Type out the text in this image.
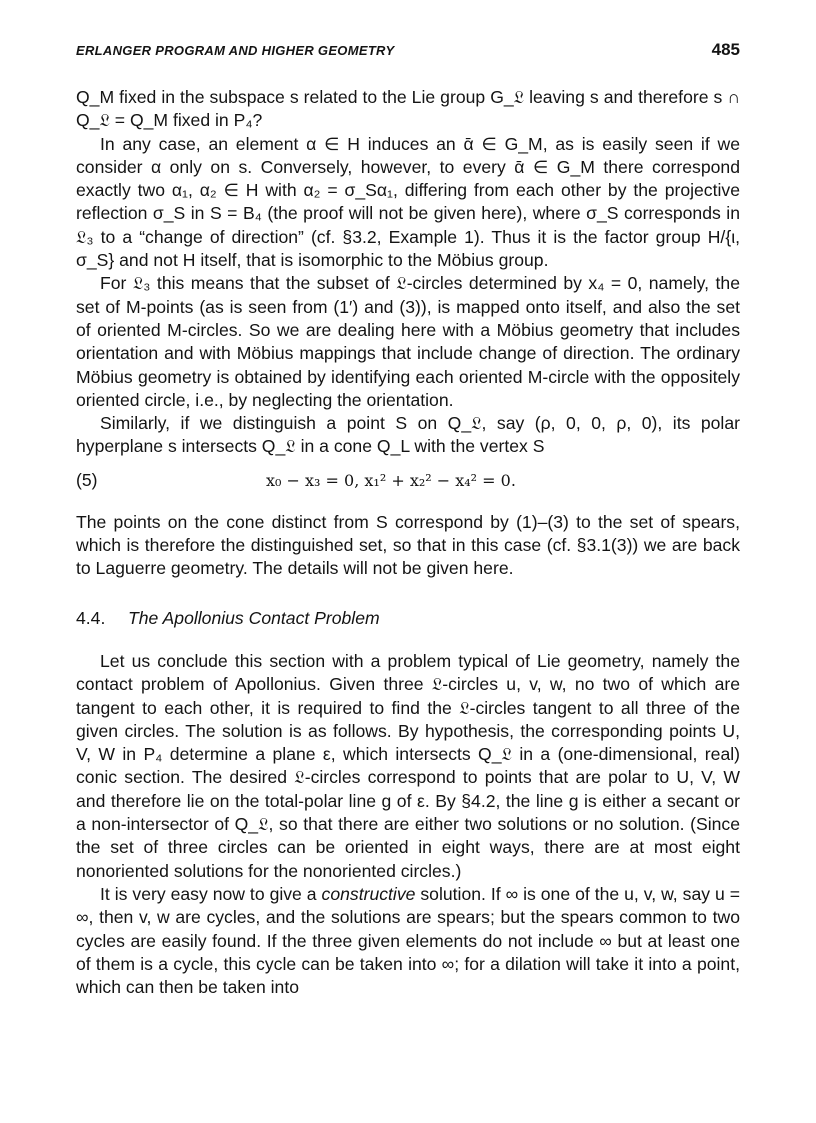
ERLANGER PROGRAM AND HIGHER GEOMETRY	485

Q_M fixed in the subspace s related to the Lie group G_𝔏 leaving s and therefore s ∩ Q_𝔏 = Q_M fixed in P₄?

In any case, an element α ∈ H induces an ᾱ ∈ G_M, as is easily seen if we consider α only on s. Conversely, however, to every ᾱ ∈ G_M there correspond exactly two α₁, α₂ ∈ H with α₂ = σ_Sα₁, differing from each other by the projective reflection σ_S in S = B₄ (the proof will not be given here), where σ_S corresponds in 𝔏₃ to a “change of direction” (cf. §3.2, Example 1). Thus it is the factor group H/{ι, σ_S} and not H itself, that is isomorphic to the Möbius group.

For 𝔏₃ this means that the subset of 𝔏-circles determined by x₄ = 0, namely, the set of M-points (as is seen from (1′) and (3)), is mapped onto itself, and also the set of oriented M-circles. So we are dealing here with a Möbius geometry that includes orientation and with Möbius mappings that include change of direction. The ordinary Möbius geometry is obtained by identifying each oriented M-circle with the oppositely oriented circle, i.e., by neglecting the orientation.

Similarly, if we distinguish a point S on Q_𝔏, say (ρ, 0, 0, ρ, 0), its polar hyperplane s intersects Q_𝔏 in a cone Q_L with the vertex S

(5)	x₀ − x₃ = 0, x₁² + x₂² − x₄² = 0.

The points on the cone distinct from S correspond by (1)–(3) to the set of spears, which is therefore the distinguished set, so that in this case (cf. §3.1(3)) we are back to Laguerre geometry. The details will not be given here.

4.4. The Apollonius Contact Problem

Let us conclude this section with a problem typical of Lie geometry, namely the contact problem of Apollonius. Given three 𝔏-circles u, v, w, no two of which are tangent to each other, it is required to find the 𝔏-circles tangent to all three of the given circles. The solution is as follows. By hypothesis, the corresponding points U, V, W in P₄ determine a plane ε, which intersects Q_𝔏 in a (one-dimensional, real) conic section. The desired 𝔏-circles correspond to points that are polar to U, V, W and therefore lie on the total-polar line g of ε. By §4.2, the line g is either a secant or a non-intersector of Q_𝔏, so that there are either two solutions or no solution. (Since the set of three circles can be oriented in eight ways, there are at most eight nonoriented solutions for the nonoriented circles.)

It is very easy now to give a constructive solution. If ∞ is one of the u, v, w, say u = ∞, then v, w are cycles, and the solutions are spears; but the spears common to two cycles are easily found. If the three given elements do not include ∞ but at least one of them is a cycle, this cycle can be taken into ∞; for a dilation will take it into a point, which can then be taken into
